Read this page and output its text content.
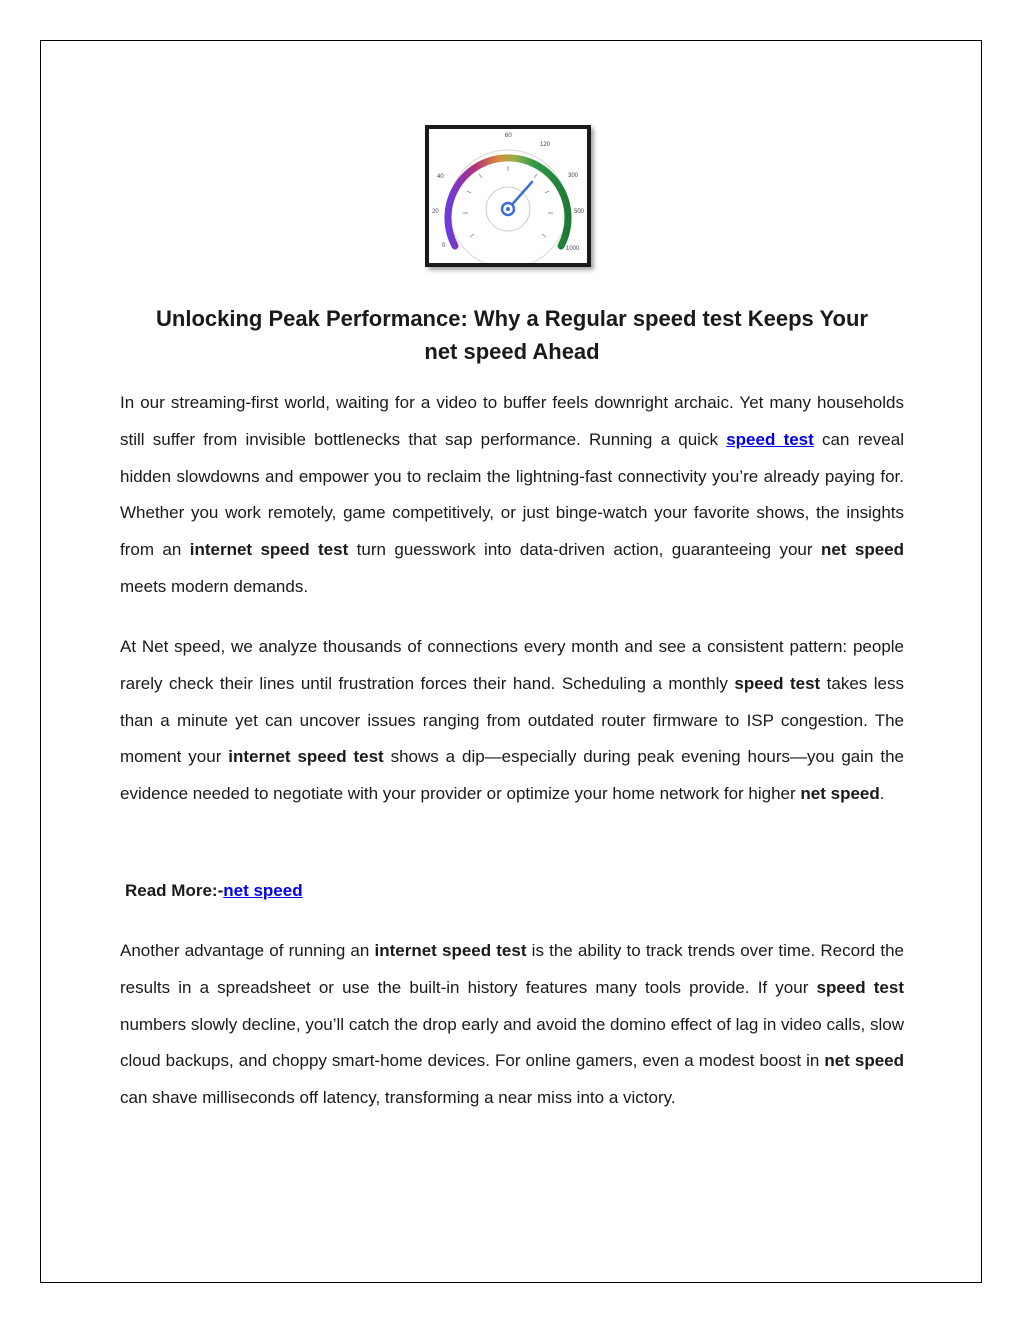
0
20
40
60
120
300
500
1000
Unlocking Peak Performance: Why a Regular speed test Keeps Your
net speed Ahead

In our streaming-first world, waiting for a video to buffer feels downright archaic. Yet many households still suffer from invisible bottlenecks that sap performance. Running a quick speed test can reveal hidden slowdowns and empower you to reclaim the lightning-fast connectivity you’re already paying for. Whether you work remotely, game competitively, or just binge-watch your favorite shows, the insights from an internet speed test turn guesswork into data-driven action, guaranteeing your net speed meets modern demands.

At Net speed, we analyze thousands of connections every month and see a consistent pattern: people rarely check their lines until frustration forces their hand. Scheduling a monthly speed test takes less than a minute yet can uncover issues ranging from outdated router firmware to ISP congestion. The moment your internet speed test shows a dip—especially during peak evening hours—you gain the evidence needed to negotiate with your provider or optimize your home network for higher net speed.

Read More:-net speed

Another advantage of running an internet speed test is the ability to track trends over time. Record the results in a spreadsheet or use the built-in history features many tools provide. If your speed test numbers slowly decline, you’ll catch the drop early and avoid the domino effect of lag in video calls, slow cloud backups, and choppy smart-home devices. For online gamers, even a modest boost in net speed can shave milliseconds off latency, transforming a near miss into a victory.
